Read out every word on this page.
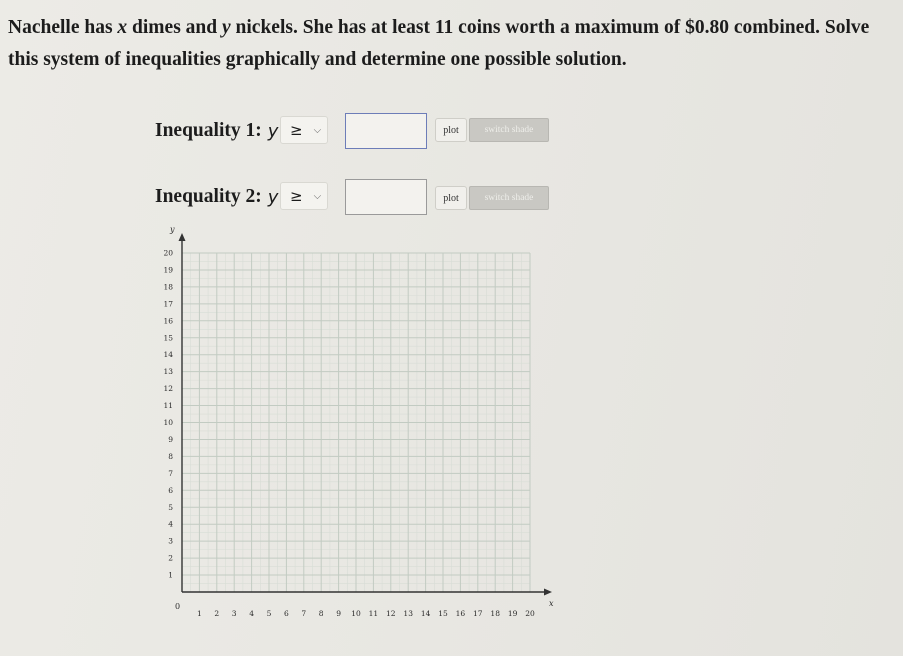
Nachelle has x dimes and y nickels. She has at least 11 coins worth a maximum of $0.80 combined. Solve this system of inequalities graphically and determine one possible solution.
Inequality 1: y ≥ ⌵	plot	switch shade
Inequality 2: y ≥ ⌵	plot	switch shade
x
y
0
1 2 3 4 5 6 7 8 9 10 11 12 13 14 15 16 17 18 19 20
1
2
3
4
5
6
7
8
9
10
11
12
13
14
15
16
17
18
19
20
